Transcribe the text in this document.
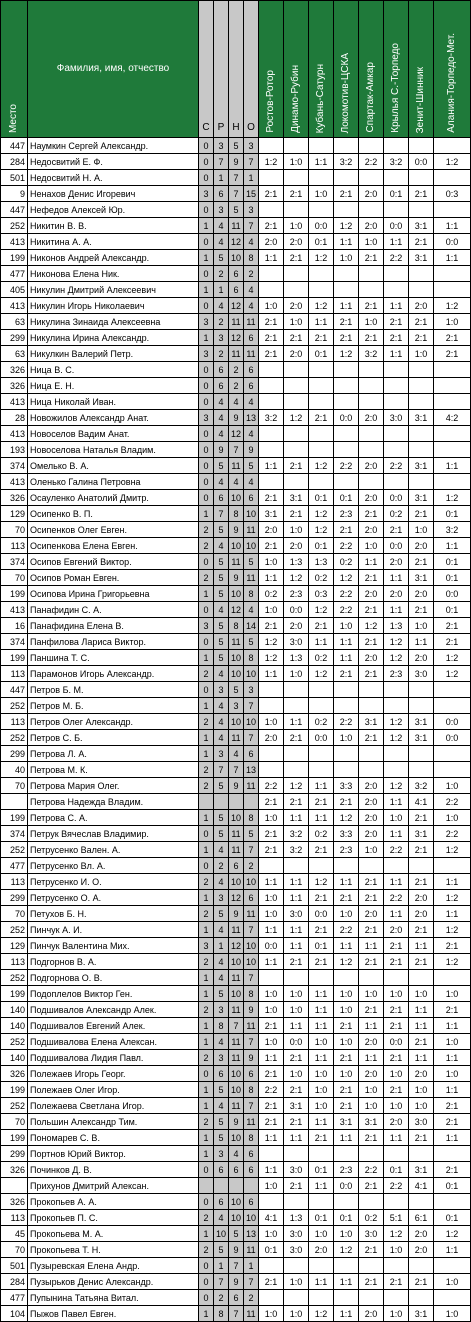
Место	Фамилия, имя, отчество	С	Р	Н	О	Ростов-Ротор	Динамо-Рубин	Кубань-Сатурн	Локомотив-ЦСКА	Спартак-Амкар	Крылья С.-Торпедо	Зенит-Шинник	Алания-Торпедо-Мет.

447	Наумкин Сергей Александр.	0	3	5	3								
284	Недосвитий Е. Ф.	0	7	9	7	1:2	1:0	1:1	3:2	2:2	3:2	0:0	1:2
501	Недосвитий Н. А.	0	1	7	1								
9	Ненахов Денис Игоревич	3	6	7	15	2:1	2:1	1:0	2:1	2:0	0:1	2:1	0:3
447	Нефедов Алексей Юр.	0	3	5	3								
252	Никитин В. В.	1	4	11	7	2:1	1:0	0:0	1:2	2:0	0:0	3:1	1:1
413	Никитина А. А.	0	4	12	4	2:0	2:0	0:1	1:1	1:0	1:1	2:1	0:0
199	Никонов Андрей Александр.	1	5	10	8	1:1	2:1	1:2	1:0	2:1	2:2	3:1	1:1
477	Никонова Елена Ник.	0	2	6	2								
405	Никулин Дмитрий Алексеевич	1	1	6	4								
413	Никулин Игорь Николаевич	0	4	12	4	1:0	2:0	1:2	1:1	2:1	1:1	2:0	1:2
63	Никулина Зинаида Алексеевна	3	2	11	11	2:1	1:0	1:1	2:1	1:0	2:1	2:1	1:0
299	Никулина Ирина Александр.	1	3	12	6	2:1	2:1	2:1	2:1	2:1	2:1	2:1	2:1
63	Никулкин Валерий Петр.	3	2	11	11	2:1	2:0	0:1	1:2	3:2	1:1	1:0	2:1
326	Ница В. С.	0	6	2	6								
326	Ница Е. Н.	0	6	2	6								
413	Ница Николай Иван.	0	4	4	4								
28	Новожилов Александр Анат.	3	4	9	13	3:2	1:2	2:1	0:0	2:0	3:0	3:1	4:2
413	Новоселов Вадим Анат.	0	4	12	4								
193	Новоселова Наталья Владим.	0	9	7	9								
374	Омелько В. А.	0	5	11	5	1:1	2:1	1:2	2:2	2:0	2:2	3:1	1:1
413	Оленько Галина Петровна	0	4	4	4								
326	Осауленко Анатолий Дмитр.	0	6	10	6	2:1	3:1	0:1	0:1	2:0	0:0	3:1	1:2
129	Осипенко В. П.	1	7	8	10	3:1	2:1	1:2	2:3	2:1	0:2	2:1	0:1
70	Осипенков Олег Евген.	2	5	9	11	2:0	1:0	1:2	2:1	2:0	2:1	1:0	3:2
113	Осипенкова Елена Евген.	2	4	10	10	2:1	2:0	0:1	2:2	1:0	0:0	2:0	1:1
374	Осипов Евгений Виктор.	0	5	11	5	1:0	1:3	1:3	0:2	1:1	2:0	2:1	0:1
70	Осипов Роман Евген.	2	5	9	11	1:1	1:2	0:2	1:2	2:1	1:1	3:1	0:1
199	Осипова Ирина Григорьевна	1	5	10	8	0:2	2:3	0:3	2:2	2:0	2:0	2:0	0:0
413	Панафидин С. А.	0	4	12	4	1:0	0:0	1:2	2:2	2:1	1:1	2:1	0:1
16	Панафидина Елена В.	3	5	8	14	2:1	2:0	2:1	1:0	1:2	1:3	1:0	2:1
374	Панфилова Лариса Виктор.	0	5	11	5	1:2	3:0	1:1	1:1	2:1	1:2	1:1	2:1
199	Паншина Т. С.	1	5	10	8	1:2	1:3	0:2	1:1	2:0	1:2	2:0	1:2
113	Парамонов Игорь Александр.	2	4	10	10	1:1	1:0	1:2	2:1	2:1	2:3	3:0	1:2
447	Петров Б. М.	0	3	5	3								
252	Петров М. Б.	1	4	3	7								
113	Петров Олег Александр.	2	4	10	10	1:0	1:1	0:2	2:2	3:1	1:2	3:1	0:0
252	Петров С. Б.	1	4	11	7	2:0	2:1	0:0	1:0	2:1	1:2	3:1	0:0
299	Петрова Л. А.	1	3	4	6								
40	Петрова М. К.	2	7	7	13								
70	Петрова Мария Олег.	2	5	9	11	2:2	1:2	1:1	3:3	2:0	1:2	3:2	1:0
	Петрова Надежда Владим.					2:1	2:1	2:1	2:1	2:0	1:1	4:1	2:2
199	Петрова С. А.	1	5	10	8	1:0	1:1	1:1	1:2	2:0	1:0	2:1	1:0
374	Петрук Вячеслав Владимир.	0	5	11	5	2:1	3:2	0:2	3:3	2:0	1:1	3:1	2:2
252	Петрусенко Вален. А.	1	4	11	7	2:1	3:2	2:1	2:3	1:0	2:2	2:1	1:2
477	Петрусенко Вл. А.	0	2	6	2								
113	Петрусенко И. О.	2	4	10	10	1:1	1:1	1:2	1:1	2:1	1:1	2:1	1:1
299	Петрусенко О. А.	1	3	12	6	1:0	1:1	2:1	2:1	2:1	2:2	2:0	1:2
70	Петухов Б. Н.	2	5	9	11	1:0	3:0	0:0	1:0	2:0	1:1	2:0	1:1
252	Пинчук А. И.	1	4	11	7	1:1	1:1	2:1	2:2	2:1	2:0	2:1	1:2
129	Пинчук Валентина Мих.	3	1	12	10	0:0	1:1	0:1	1:1	1:1	2:1	1:1	2:1
113	Подгорнов В. А.	2	4	10	10	1:1	2:1	2:1	1:2	2:1	2:1	2:1	1:2
252	Подгорнова О. В.	1	4	11	7								
199	Подоплелов Виктор Ген.	1	5	10	8	1:0	1:0	1:1	1:0	1:0	1:0	1:0	1:0
140	Подшивалов Александр Алек.	2	3	11	9	1:0	1:0	1:1	1:0	2:1	2:1	1:1	2:1
140	Подшивалов Евгений Алек.	1	8	7	11	2:1	1:1	1:1	2:1	1:1	2:1	1:1	1:1
252	Подшивалова Елена Алексан.	1	4	11	7	1:0	0:0	1:0	1:0	2:0	0:0	2:1	1:0
140	Подшивалова Лидия Павл.	2	3	11	9	1:1	2:1	1:1	2:1	1:1	2:1	1:1	1:1
326	Полежаев Игорь Георг.	0	6	10	6	2:1	1:0	1:0	1:0	2:0	1:0	2:0	1:0
199	Полежаев Олег Игор.	1	5	10	8	2:2	2:1	1:0	2:1	1:0	2:1	1:0	1:1
252	Полежаева Светлана Игор.	1	4	11	7	2:1	3:1	1:0	2:1	1:0	1:0	1:0	2:1
70	Польшин Александр Тим.	2	5	9	11	2:1	2:1	1:1	3:1	3:1	2:0	3:0	2:1
199	Пономарев С. В.	1	5	10	8	1:1	1:1	2:1	1:1	2:1	1:1	2:1	1:1
299	Портнов Юрий Виктор.	1	3	4	6								
326	Починков Д. В.	0	6	6	6	1:1	3:0	0:1	2:3	2:2	0:1	3:1	2:1
	Прихунов Дмитрий Алексан.					1:0	2:1	1:1	0:0	2:1	2:2	4:1	0:1
326	Прокопьев А. А.	0	6	10	6								
113	Прокопьев П. С.	2	4	10	10	4:1	1:3	0:1	0:1	0:2	5:1	6:1	0:1
45	Прокопьева М. А.	1	10	5	13	1:0	3:0	1:0	1:0	3:0	1:2	2:0	1:2
70	Прокопьева Т. Н.	2	5	9	11	0:1	3:0	2:0	1:2	2:1	1:0	2:0	1:1
501	Пузыревская Елена Андр.	0	1	7	1								
284	Пузырьков Денис Александр.	0	7	9	7	2:1	1:0	1:1	1:1	2:1	2:1	2:1	1:0
477	Пупынина Татьяна Витал.	0	2	6	2								
104	Пыжов Павел Евген.	1	8	7	11	1:0	1:0	1:2	1:1	2:0	1:0	3:1	1:0
